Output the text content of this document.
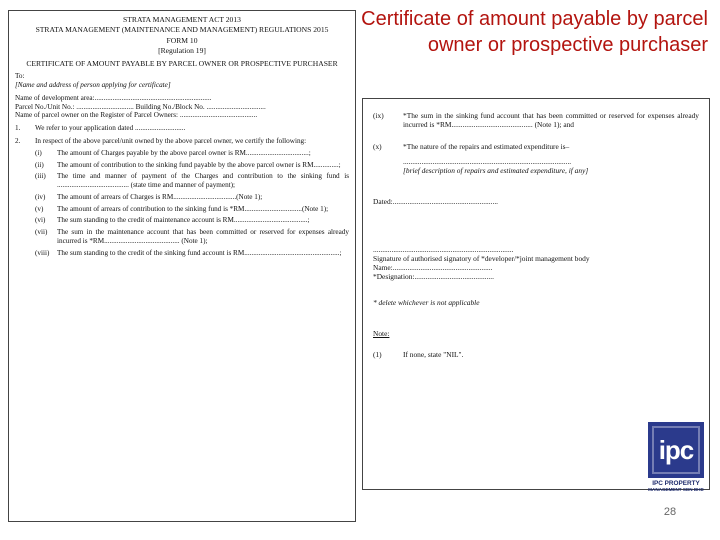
Certificate of amount payable by parcel owner or prospective purchaser
STRATA MANAGEMENT ACT 2013
STRATA MANAGEMENT (MAINTENANCE AND MANAGEMENT) REGULATIONS 2015
FORM 10
[Regulation 19]
CERTIFICATE OF AMOUNT PAYABLE BY PARCEL OWNER OR PROSPECTIVE PURCHASER
To:
[Name and address of person applying for certificate]
Name of development area:.................................................................
Parcel No./Unit No.: ................................ Building No./Block No. .................................
Name of parcel owner on the Register of Parcel Owners: ...........................................
1.	We refer to your application dated ............................
2.	In respect of the above parcel/unit owned by the above parcel owner, we certify the following:
(i)	The amount of Charges payable by the above parcel owner is RM...................................;
(ii)	The amount of contribution to the sinking fund payable by the above parcel owner is RM..............;
(iii)	The time and manner of payment of the Charges and contribution to the sinking fund is ........................................ (state time and manner of payment);
(iv)	The amount of arrears of Charges is RM...................................(Note 1);
(v)	The amount of arrears of contribution to the sinking fund is *RM................................(Note 1);
(vi)	The sum standing to the credit of maintenance account is RM.........................................;
(vii)	The sum in the maintenance account that has been committed or reserved for expenses already incurred is *RM.......................................... (Note 1);
(viii)	The sum standing to the credit of the sinking fund account is RM.....................................................;
(ix)	*The sum in the sinking fund account that has been committed or reserved for expenses already incurred is *RM............................................ (Note 1); and
(x)	*The nature of the repairs and estimated expenditure is–
...........................................................................................
[brief description of repairs and estimated expenditure, if any]
Dated:.........................................................
............................................................................
Signature of authorised signatory of *developer/*joint management body
Name:......................................................
*Designation:...........................................
* delete whichever is not applicable
Note:
(1)	If none, state "NIL".
ipc
IPC PROPERTY
MANAGEMENT SDN BHD
28
